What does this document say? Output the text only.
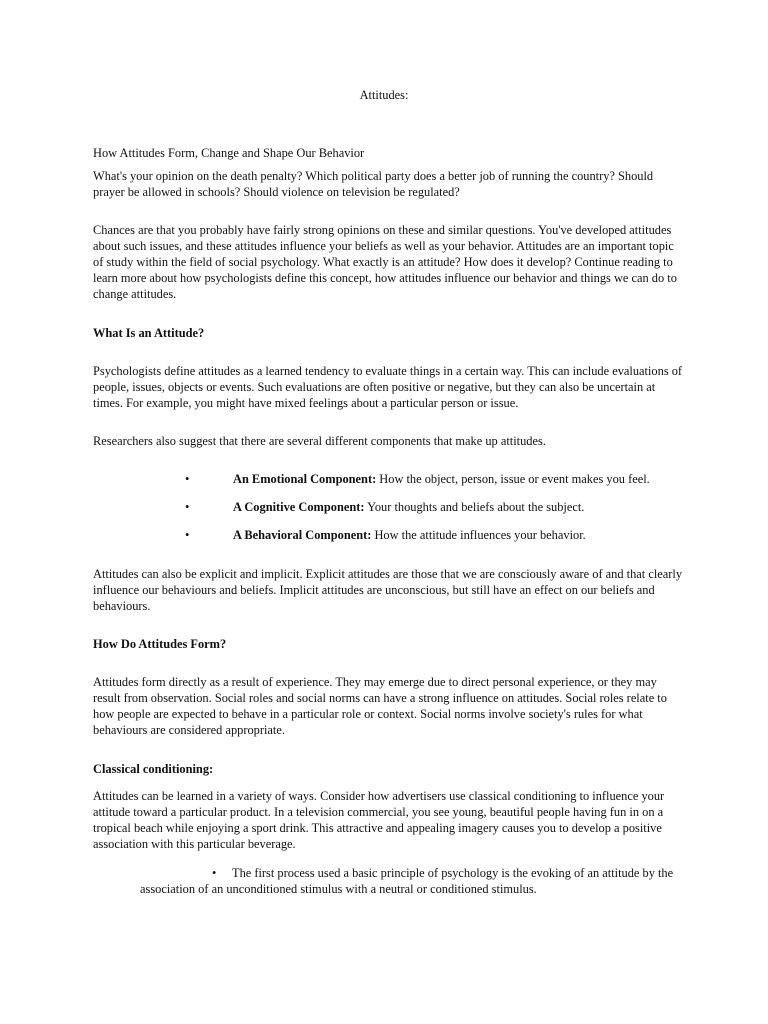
Attitudes:

How Attitudes Form, Change and Shape Our Behavior

What's your opinion on the death penalty? Which political party does a better job of running the country? Should prayer be allowed in schools? Should violence on television be regulated?

Chances are that you probably have fairly strong opinions on these and similar questions. You've developed attitudes about such issues, and these attitudes influence your beliefs as well as your behavior. Attitudes are an important topic of study within the field of social psychology. What exactly is an attitude? How does it develop? Continue reading to learn more about how psychologists define this concept, how attitudes influence our behavior and things we can do to change attitudes.

What Is an Attitude?

Psychologists define attitudes as a learned tendency to evaluate things in a certain way. This can include evaluations of people, issues, objects or events. Such evaluations are often positive or negative, but they can also be uncertain at times. For example, you might have mixed feelings about a particular person or issue.

Researchers also suggest that there are several different components that make up attitudes.

•	An Emotional Component: How the object, person, issue or event makes you feel.
•	A Cognitive Component: Your thoughts and beliefs about the subject.
•	A Behavioral Component: How the attitude influences your behavior.

Attitudes can also be explicit and implicit. Explicit attitudes are those that we are consciously aware of and that clearly influence our behaviours and beliefs. Implicit attitudes are unconscious, but still have an effect on our beliefs and behaviours.

How Do Attitudes Form?

Attitudes form directly as a result of experience. They may emerge due to direct personal experience, or they may result from observation. Social roles and social norms can have a strong influence on attitudes. Social roles relate to how people are expected to behave in a particular role or context. Social norms involve society's rules for what behaviours are considered appropriate.

Classical conditioning:

Attitudes can be learned in a variety of ways. Consider how advertisers use classical conditioning to influence your attitude toward a particular product. In a television commercial, you see young, beautiful people having fun in on a tropical beach while enjoying a sport drink. This attractive and appealing imagery causes you to develop a positive association with this particular beverage.

•	The first process used a basic principle of psychology is the evoking of an attitude by the association of an unconditioned stimulus with a neutral or conditioned stimulus.
